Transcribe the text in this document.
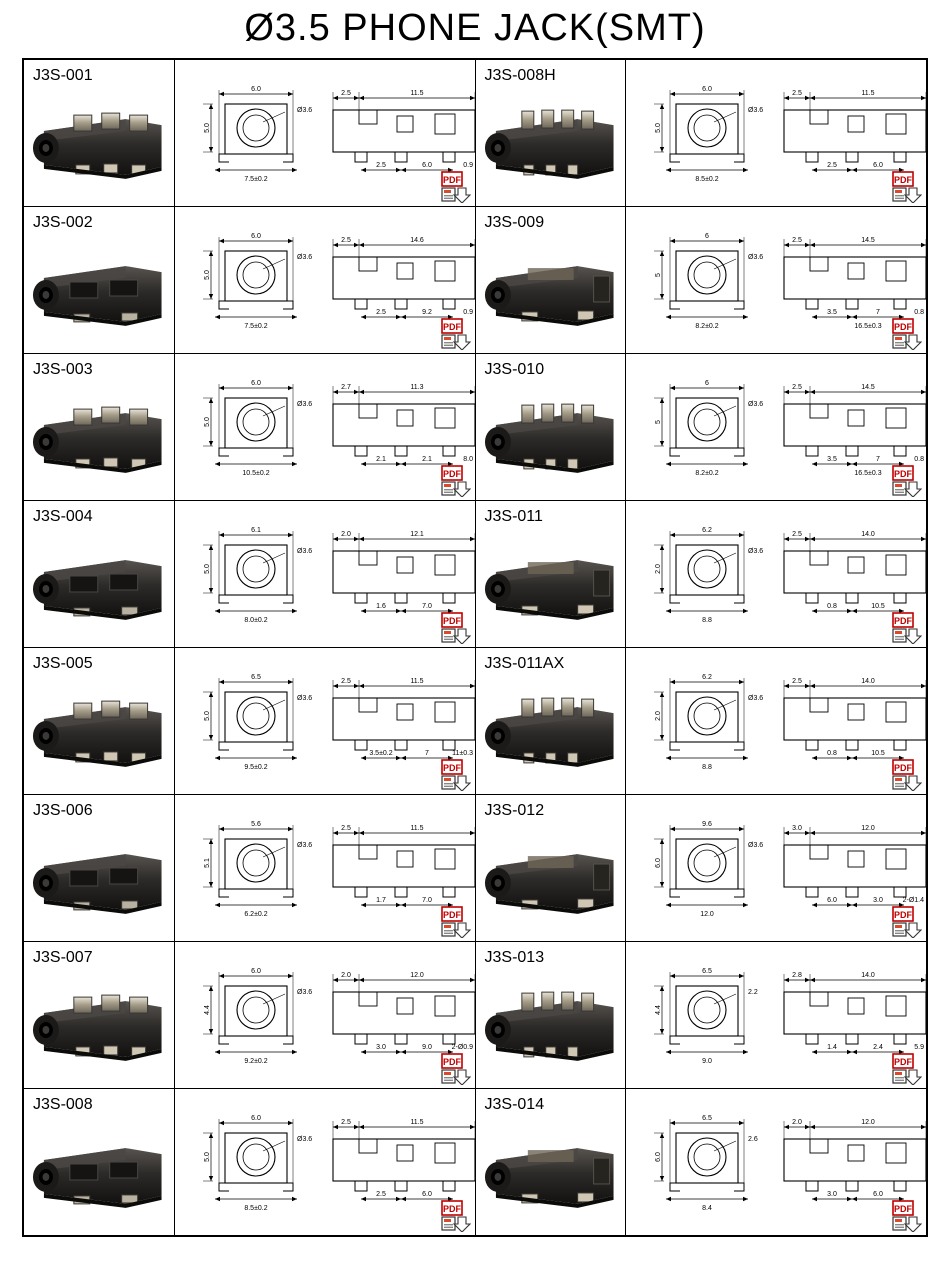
Ø3.5 PHONE JACK(SMT)
J3S-001
6.0
5.0
Ø3.6
7.5±0.2
2.5	11.5
2.5	6.0	0.9
PDF

J3S-008H
6.0
5.0
Ø3.6
8.5±0.2
2.5	11.5
2.5	6.0
PDF

J3S-002
6.0
5.0
Ø3.6
7.5±0.2
2.5	14.6
2.5	9.2	0.9
PDF

J3S-009
6
5
Ø3.6
8.2±0.2
2.5	14.5
3.5	7	0.8
16.5±0.3 PDF

J3S-003
6.0
5.0
Ø3.6
10.5±0.2
2.7	11.3
2.1	2.1	8.0
PDF

J3S-010
6
5
Ø3.6
8.2±0.2
2.5	14.5
3.5	7	0.8
16.5±0.3 PDF

J3S-004
6.1
5.0
Ø3.6
8.0±0.2
2.0	12.1
1.6	7.0
PDF

J3S-011
6.2
2.0
Ø3.6
8.8
2.5	14.0
0.8	10.5
PDF

J3S-005
6.5
5.0
Ø3.6
9.5±0.2
2.5	11.5
3.5±0.2	7	11±0.3
PDF

J3S-011AX
6.2
2.0
Ø3.6
8.8
2.5	14.0
0.8	10.5
PDF

J3S-006
5.6
5.1
Ø3.6
6.2±0.2
2.5	11.5
1.7	7.0
PDF

J3S-012
9.6
6.0
Ø3.6
12.0
3.0	12.0
6.0	3.0	2-Ø1.4
PDF

J3S-007
6.0
4.4
Ø3.6
9.2±0.2
2.0	12.0
3.0	9.0	2-Ø0.9
PDF

J3S-013
6.5
4.4
2.2
9.0
2.8	14.0
1.4	2.4	5.9
PDF

J3S-008
6.0
5.0
Ø3.6
8.5±0.2
2.5	11.5
2.5	6.0
PDF

J3S-014
6.5
6.0
2.6
8.4
2.0	12.0
3.0	6.0
PDF
